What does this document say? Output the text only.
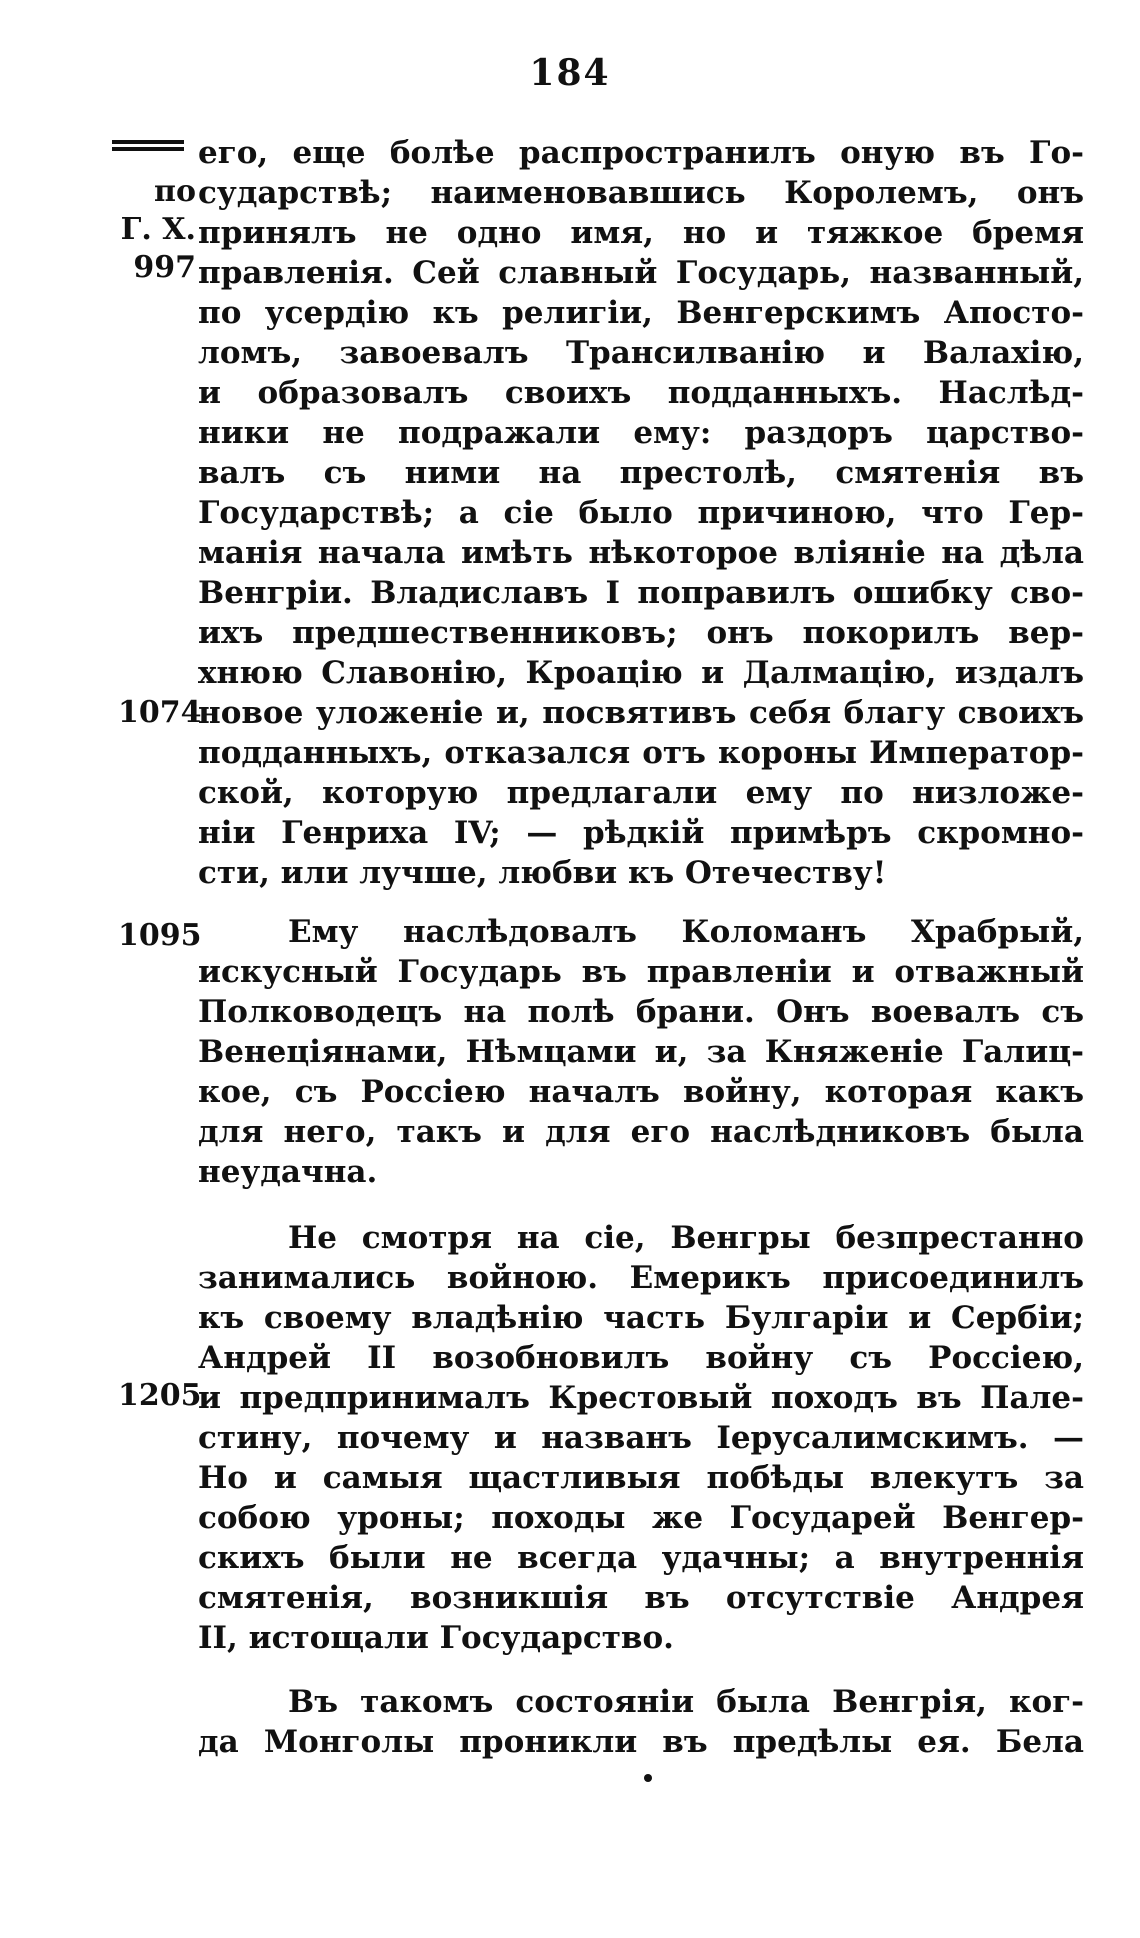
184
по
Г. Х.
997
1074
1095
1205
его, еще болѣе распространилъ оную въ Го-
сударствѣ; наименовавшись Королемъ, онъ
принялъ не одно имя, но и тяжкое бремя
правленія. Сей славный Государь, названный,
по усердію къ религіи, Венгерскимъ Апосто-
ломъ, завоевалъ Трансилванію и Валахію,
и образовалъ своихъ подданныхъ. Наслѣд-
ники не подражали ему: раздоръ царство-
валъ съ ними на престолѣ, смятенія въ
Государствѣ; а сіе было причиною, что Гер-
манія начала имѣть нѣкоторое вліяніе на дѣла
Венгріи. Владиславъ I поправилъ ошибку сво-
ихъ предшественниковъ; онъ покорилъ вер-
хнюю Славонію, Кроацію и Далмацію, издалъ
новое уложеніе и, посвятивъ себя благу своихъ
подданныхъ, отказался отъ короны Император-
ской, которую предлагали ему по низложе-
ніи Генриха IV; — рѣдкій примѣръ скромно-
сти, или лучше, любви къ Отечеству!
Ему наслѣдовалъ Коломанъ Храбрый,
искусный Государь въ правленіи и отважный
Полководецъ на полѣ брани. Онъ воевалъ съ
Венеціянами, Нѣмцами и, за Княженіе Галиц-
кое, съ Россіею началъ войну, которая какъ
для него, такъ и для его наслѣдниковъ была
неудачна.
Не смотря на сіе, Венгры безпрестанно
занимались войною. Емерикъ присоединилъ
къ своему владѣнію часть Булгаріи и Сербіи;
Андрей II возобновилъ войну съ Россіею,
и предпринималъ Крестовый походъ въ Пале-
стину, почему и названъ Іерусалимскимъ. —
Но и самыя щастливыя побѣды влекутъ за
собою уроны; походы же Государей Венгер-
скихъ были не всегда удачны; а внутреннія
смятенія, возникшія въ отсутствіе Андрея
II, истощали Государство.
Въ такомъ состояніи была Венгрія, ког-
да Монголы проникли въ предѣлы ея. Бела
